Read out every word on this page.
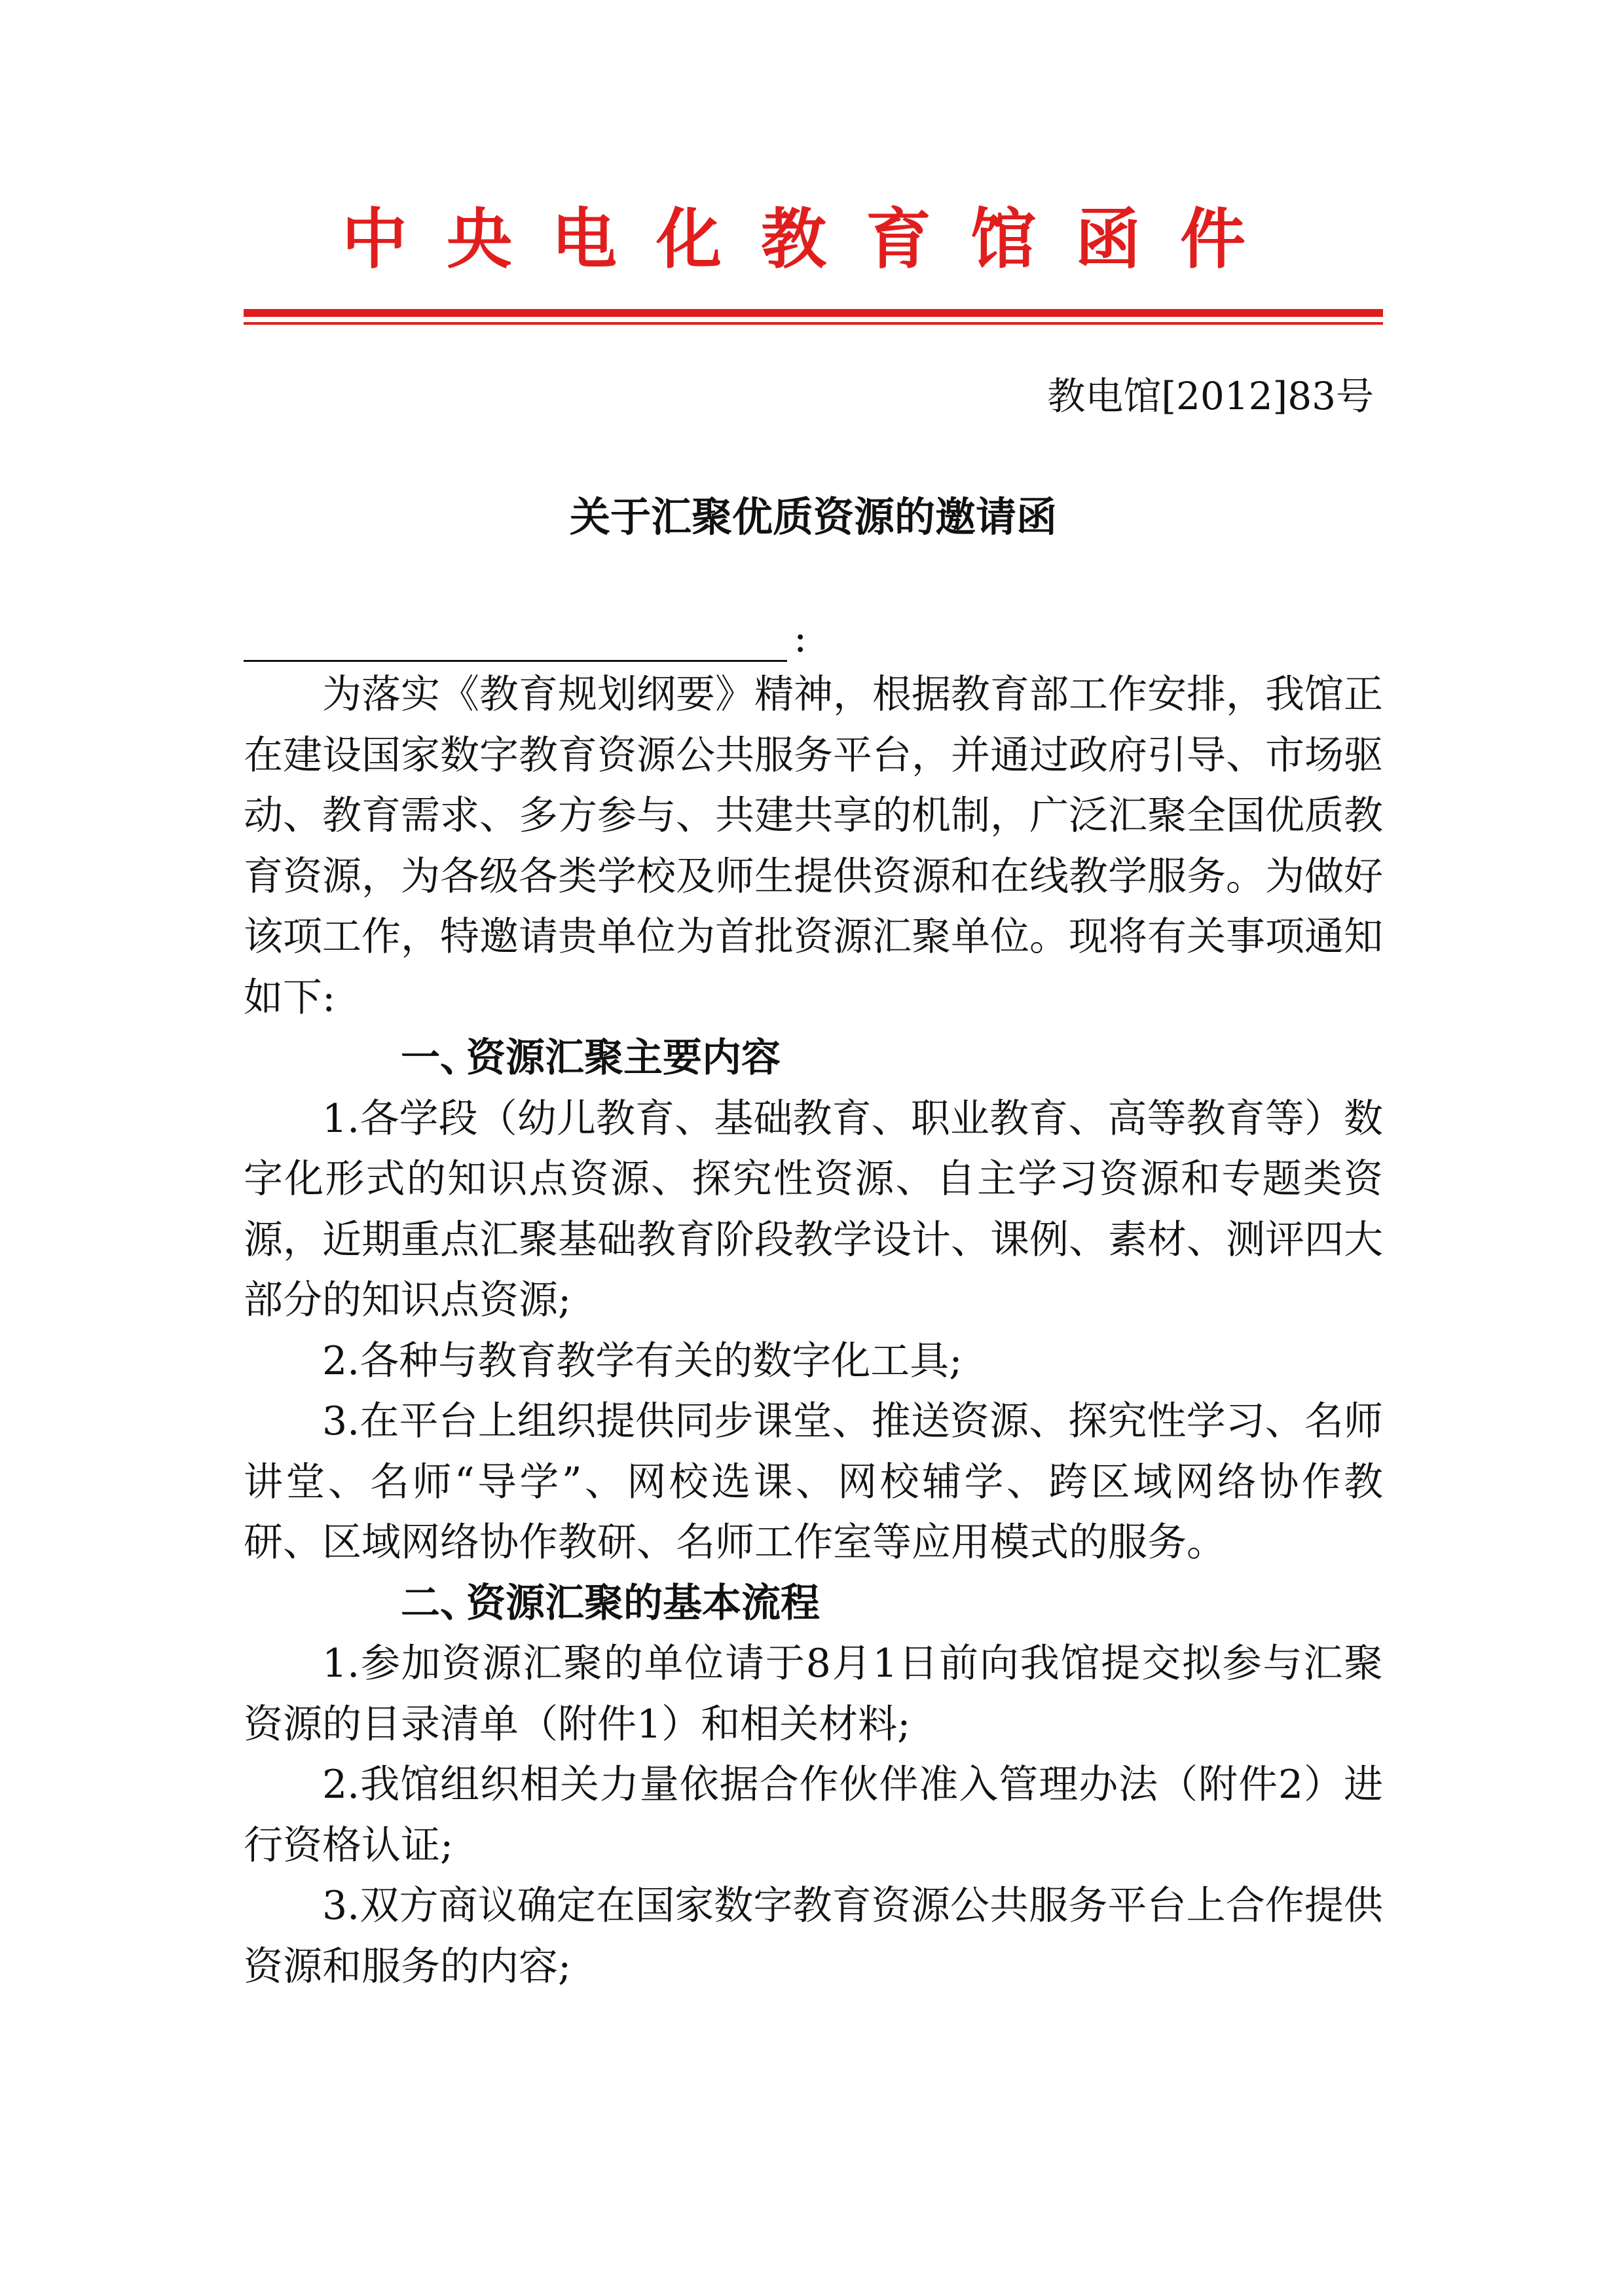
中央电化教育馆函件
教电馆[2012]83号
关于汇聚优质资源的邀请函
:

为落实《教育规划纲要》精神，根据教育部工作安排，我馆正在建设国家数字教育资源公共服务平台，并通过政府引导、市场驱动、教育需求、多方参与、共建共享的机制，广泛汇聚全国优质教育资源，为各级各类学校及师生提供资源和在线教学服务。为做好该项工作，特邀请贵单位为首批资源汇聚单位。现将有关事项通知如下:

一、资源汇聚主要内容

1.各学段（幼儿教育、基础教育、职业教育、高等教育等）数字化形式的知识点资源、探究性资源、自主学习资源和专题类资源，近期重点汇聚基础教育阶段教学设计、课例、素材、测评四大部分的知识点资源;

2.各种与教育教学有关的数字化工具;

3.在平台上组织提供同步课堂、推送资源、探究性学习、名师讲堂、名师“导学”、网校选课、网校辅学、跨区域网络协作教研、区域网络协作教研、名师工作室等应用模式的服务。

二、资源汇聚的基本流程

1.参加资源汇聚的单位请于8月1日前向我馆提交拟参与汇聚资源的目录清单（附件1）和相关材料;

2.我馆组织相关力量依据合作伙伴准入管理办法（附件2）进行资格认证;

3.双方商议确定在国家数字教育资源公共服务平台上合作提供资源和服务的内容;
